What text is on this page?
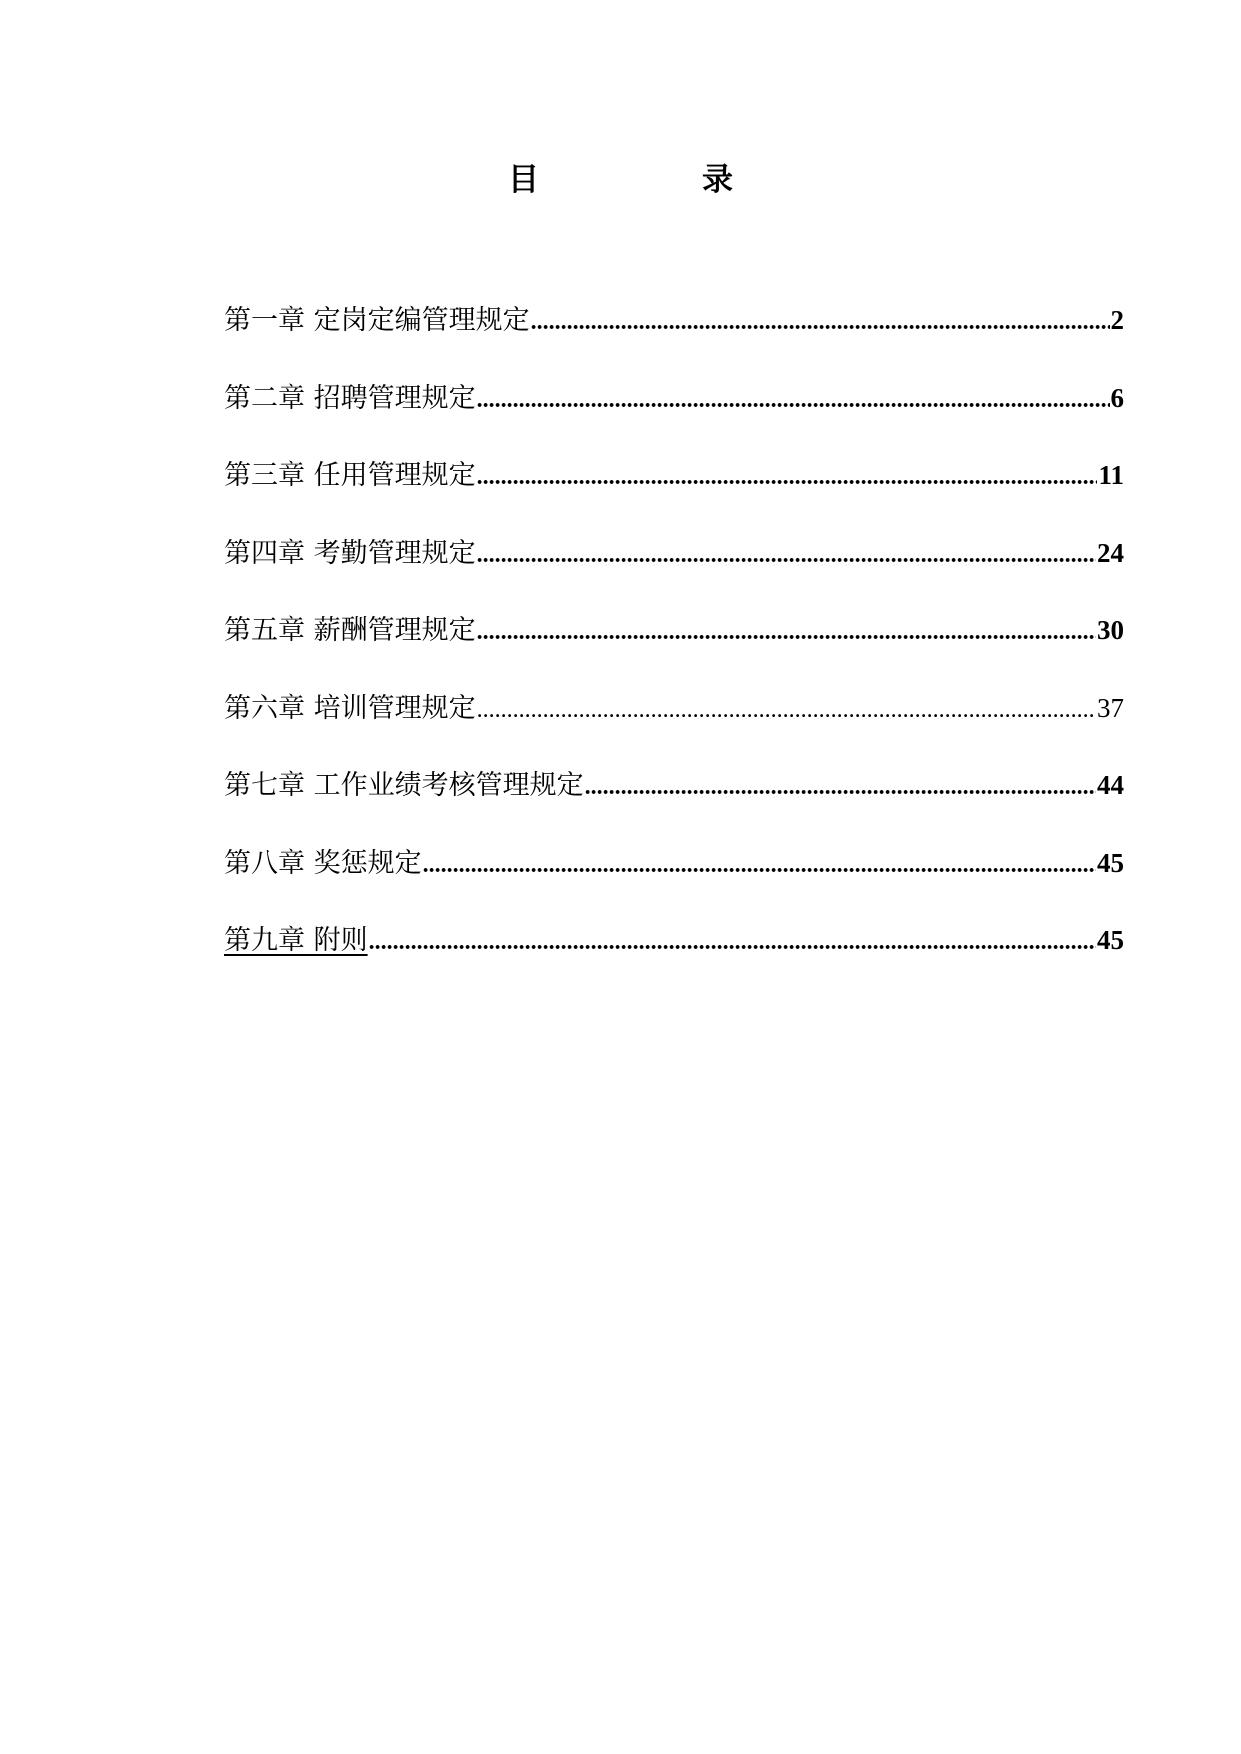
目　录
第一章 定岗定编管理规定 .....	2
第二章 招聘管理规定 .....	6
第三章 任用管理规定 .....	11
第四章 考勤管理规定 .....	24
第五章 薪酬管理规定 .....	30
第六章 培训管理规定 .....	37
第七章 工作业绩考核管理规定 .....	44
第八章 奖惩规定 .....	45
第九章 附则 .....	45
